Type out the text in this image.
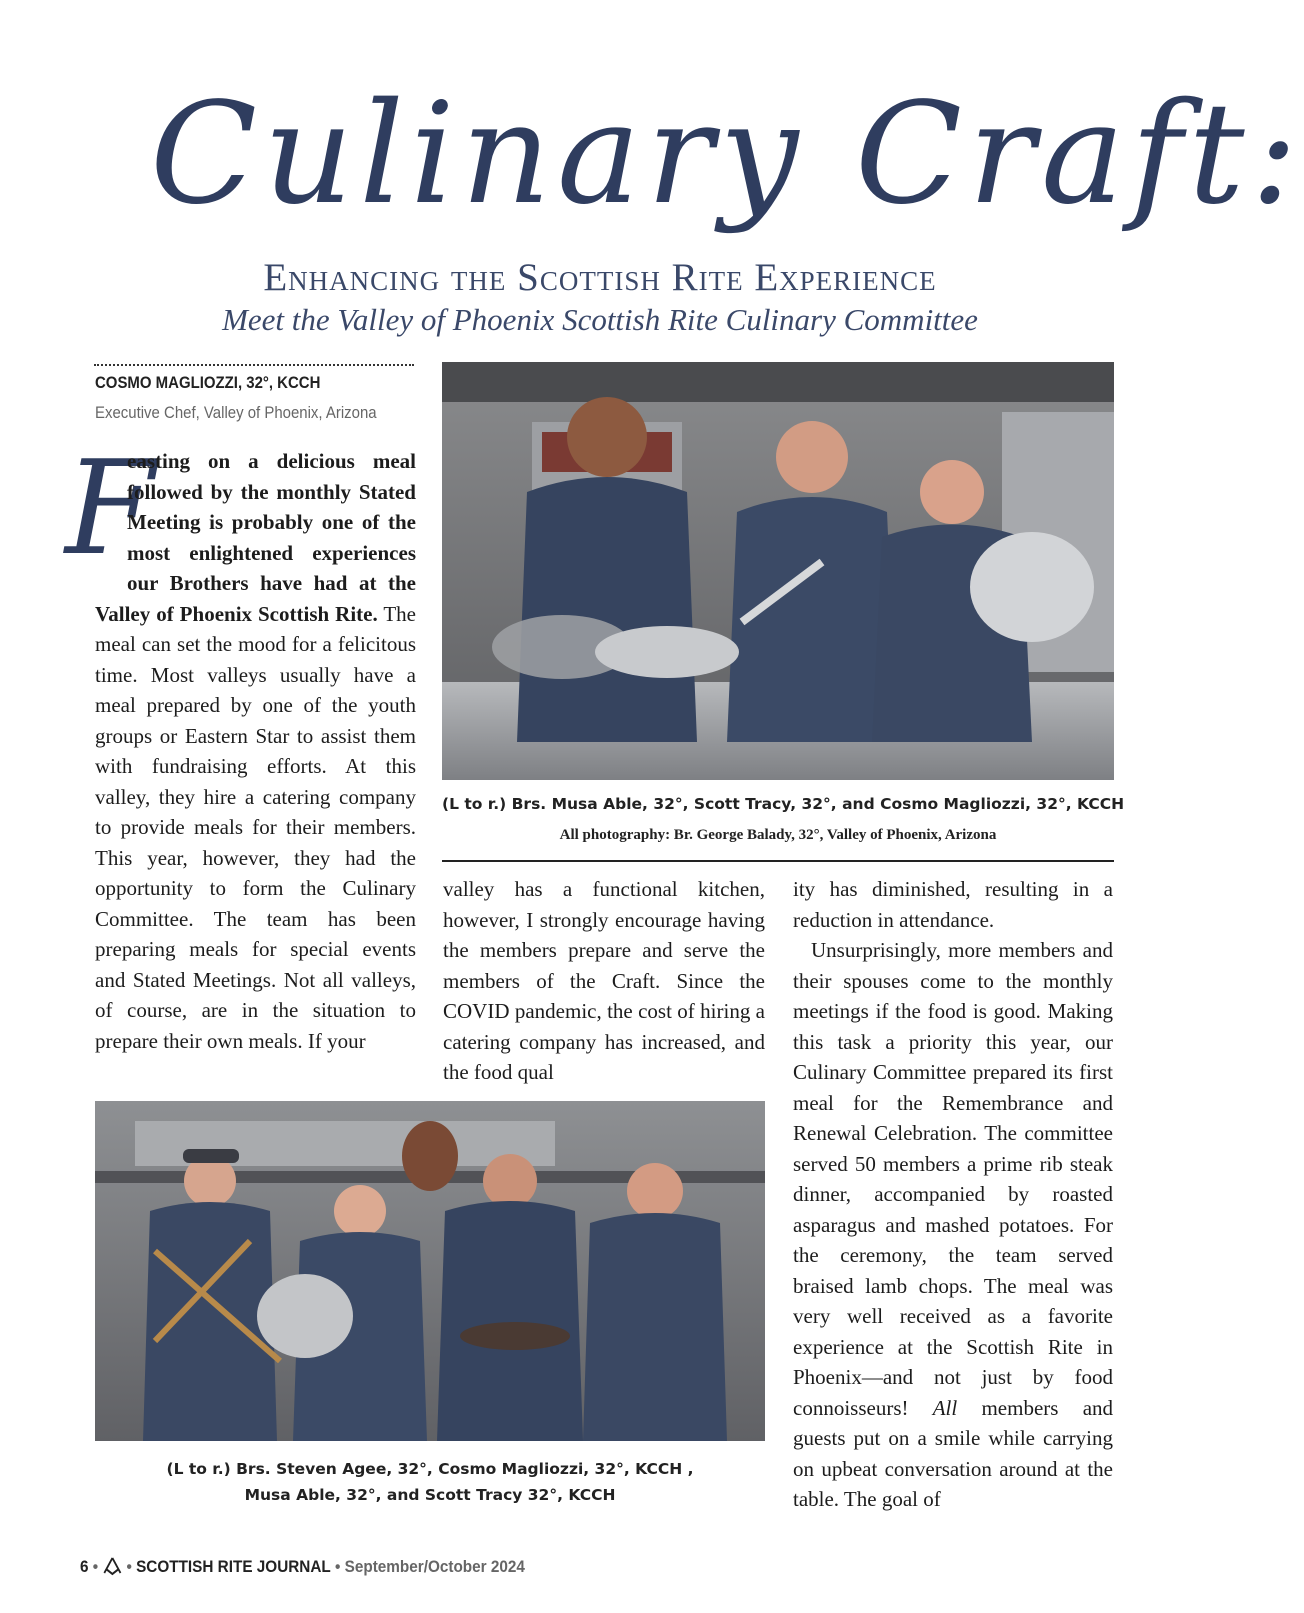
Culinary Craft:
Enhancing the Scottish Rite Experience
Meet the Valley of Phoenix Scottish Rite Culinary Committee
COSMO MAGLIOZZI, 32°, KCCH
Executive Chef, Valley of Phoenix, Arizona

F
easting on a delicious meal followed by the monthly Stated Meeting is probably one of the most enlightened experiences our Brothers have had at the Valley of Phoenix Scottish Rite. The meal can set the mood for a felicitous time. Most valleys usually have a meal prepared by one of the youth groups or Eastern Star to assist them with fundraising efforts. At this valley, they hire a catering company to provide meals for their members. This year, however, they had the opportunity to form the Culinary Committee. The team has been preparing meals for special events and Stated Meetings. Not all valleys, of course, are in the situation to prepare their own meals. If your

valley has a functional kitchen, however, I strongly encourage having the members prepare and serve the members of the Craft. Since the COVID pandemic, the cost of hiring a catering company has increased, and the food qual

ity has diminished, resulting in a reduction in attendance.

Unsurprisingly, more members and their spouses come to the monthly meetings if the food is good. Making this task a priority this year, our Culinary Committee prepared its first meal for the Remembrance and Renewal Celebration. The committee served 50 members a prime rib steak dinner, accompanied by roasted asparagus and mashed potatoes. For the ceremony, the team served braised lamb chops. The meal was very well received as a favorite experience at the Scottish Rite in Phoenix—and not just by food connoisseurs! All members and guests put on a smile while carrying on upbeat conversation around at the table. The goal of

(L to r.) Brs. Musa Able, 32°, Scott Tracy, 32°, and Cosmo Magliozzi, 32°, KCCH
All photography: Br. George Balady, 32°, Valley of Phoenix, Arizona
(L to r.) Brs. Steven Agee, 32°, Cosmo Magliozzi, 32°, KCCH ,
Musa Able, 32°, and Scott Tracy 32°, KCCH
6 • • SCOTTISH RITE JOURNAL • September/October 2024
